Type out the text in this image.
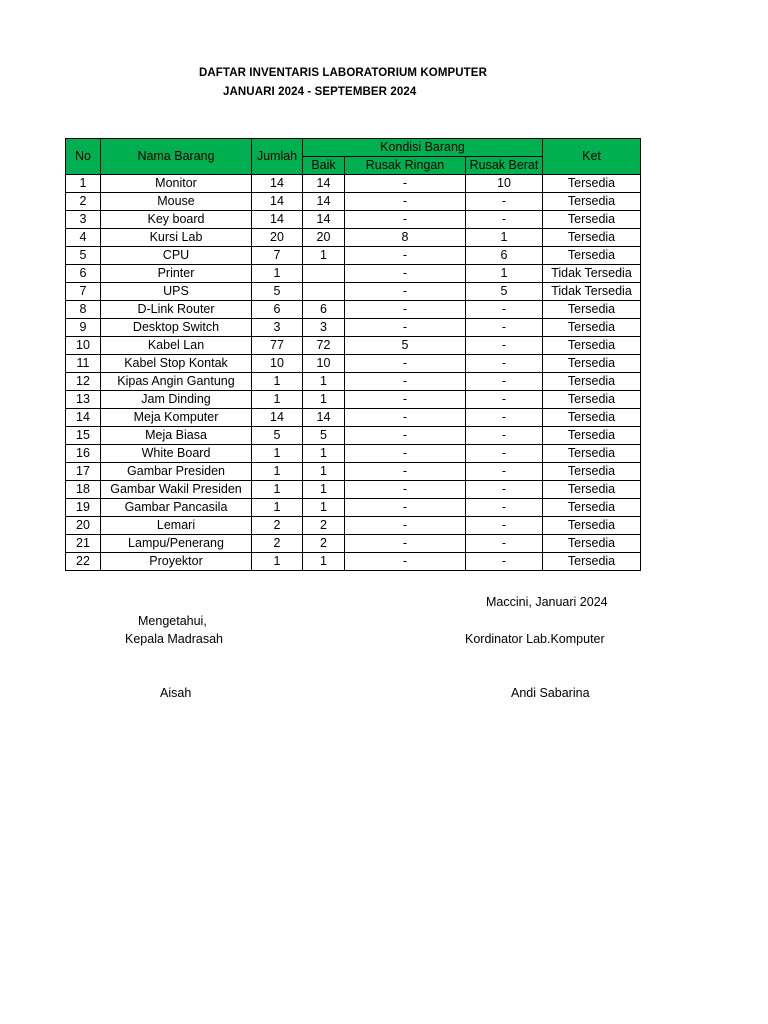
DAFTAR INVENTARIS LABORATORIUM KOMPUTER
JANUARI 2024 - SEPTEMBER 2024
No	Nama Barang	Jumlah	Kondisi Barang			Ket
			Baik	Rusak Ringan	Rusak Berat	
1	Monitor	14	14	-	10	Tersedia
2	Mouse	14	14	-	-	Tersedia
3	Key board	14	14	-	-	Tersedia
4	Kursi Lab	20	20	8	1	Tersedia
5	CPU	7	1	-	6	Tersedia
6	Printer	1		-	1	Tidak Tersedia
7	UPS	5		-	5	Tidak Tersedia
8	D-Link Router	6	6	-	-	Tersedia
9	Desktop Switch	3	3	-	-	Tersedia
10	Kabel Lan	77	72	5	-	Tersedia
11	Kabel Stop Kontak	10	10	-	-	Tersedia
12	Kipas Angin Gantung	1	1	-	-	Tersedia
13	Jam Dinding	1	1	-	-	Tersedia
14	Meja Komputer	14	14	-	-	Tersedia
15	Meja Biasa	5	5	-	-	Tersedia
16	White Board	1	1	-	-	Tersedia
17	Gambar Presiden	1	1	-	-	Tersedia
18	Gambar Wakil Presiden	1	1	-	-	Tersedia
19	Gambar Pancasila	1	1	-	-	Tersedia
20	Lemari	2	2	-	-	Tersedia
21	Lampu/Penerang	2	2	-	-	Tersedia
22	Proyektor	1	1	-	-	Tersedia
Maccini, Januari 2024
Mengetahui,
Kepala Madrasah	Kordinator Lab.Komputer
Aisah	Andi Sabarina
